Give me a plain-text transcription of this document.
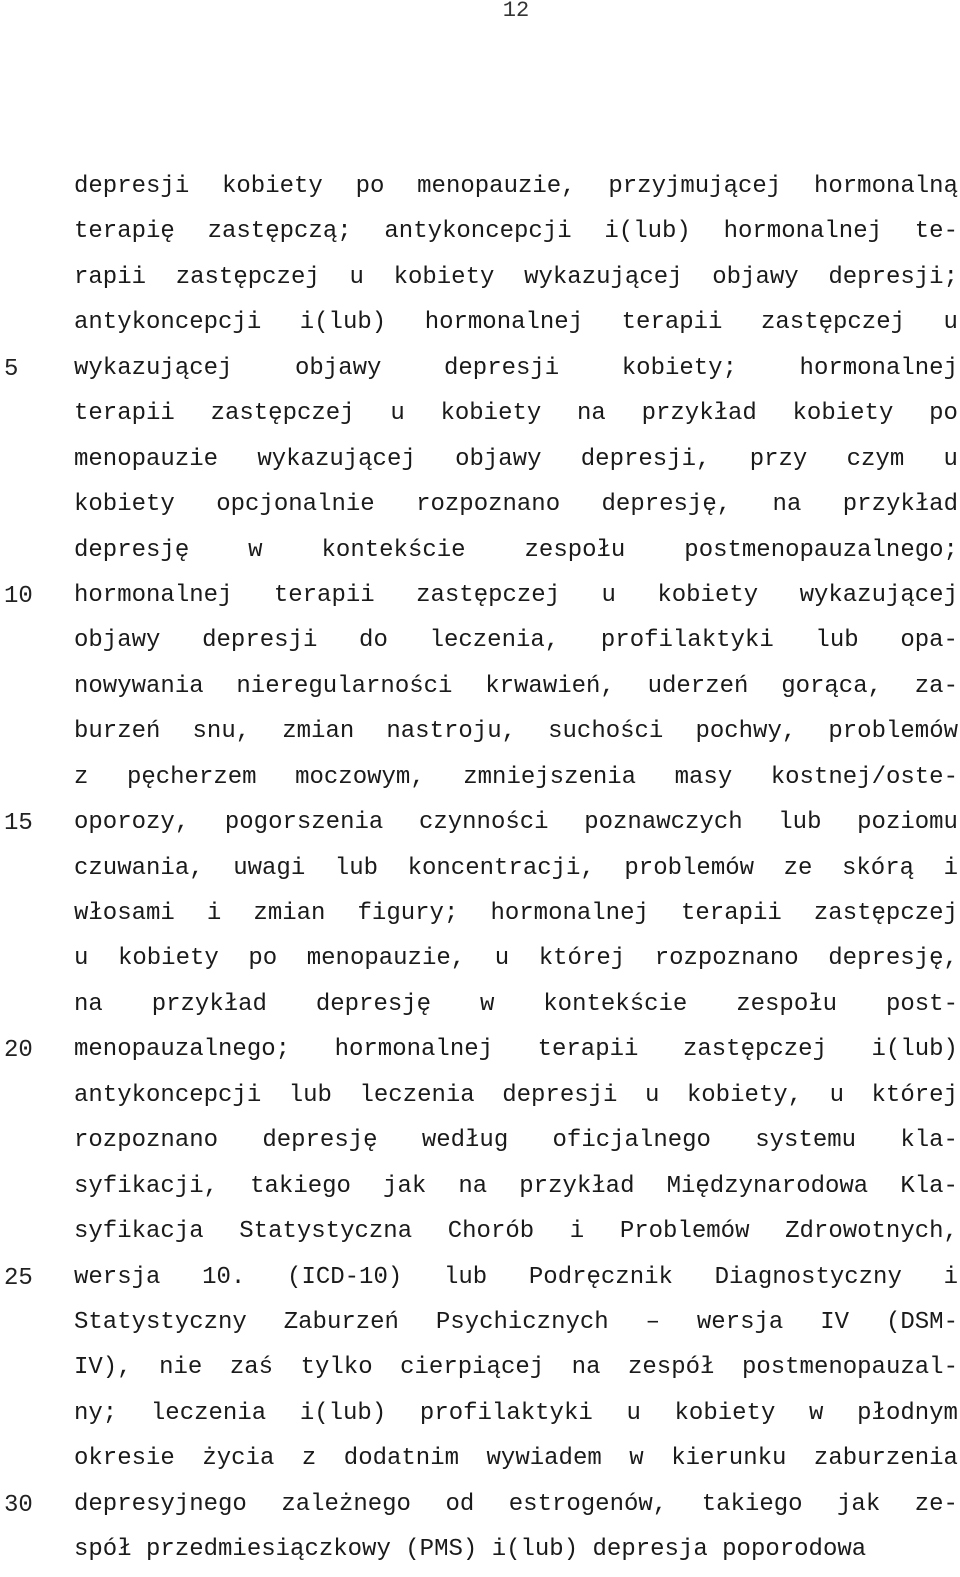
12
5
10
15
20
25
30
depresji kobiety po menopauzie, przyjmującej hormonalną
terapię zastępczą; antykoncepcji i(lub) hormonalnej te-
rapii zastępczej u kobiety wykazującej objawy depresji;
antykoncepcji i(lub) hormonalnej terapii zastępczej u
wykazującej	objawy	depresji	kobiety;	hormonalnej
terapii zastępczej u kobiety na przykład kobiety po
menopauzie wykazującej objawy depresji, przy czym u
kobiety opcjonalnie rozpoznano depresję, na przykład
depresję w kontekście zespołu postmenopauzalnego;
hormonalnej terapii zastępczej u kobiety wykazującej
objawy depresji do leczenia, profilaktyki lub opa-
nowywania nieregularności krwawień, uderzeń gorąca, za-
burzeń snu, zmian nastroju, suchości pochwy, problemów
z pęcherzem moczowym, zmniejszenia masy kostnej/oste-
oporozy, pogorszenia czynności poznawczych lub poziomu
czuwania, uwagi lub koncentracji, problemów ze skórą i
włosami i zmian figury; hormonalnej terapii zastępczej
u kobiety po menopauzie, u której rozpoznano depresję,
na przykład depresję w kontekście zespołu post-
menopauzalnego; hormonalnej terapii zastępczej i(lub)
antykoncepcji lub leczenia depresji u kobiety, u której
rozpoznano depresję według oficjalnego systemu kla-
syfikacji, takiego jak na przykład Międzynarodowa Kla-
syfikacja Statystyczna Chorób i Problemów Zdrowotnych,
wersja 10. (ICD-10) lub Podręcznik Diagnostyczny i
Statystyczny Zaburzeń Psychicznych – wersja IV (DSM-
IV), nie zaś tylko cierpiącej na zespół postmenopauzal-
ny; leczenia i(lub) profilaktyki u kobiety w płodnym
okresie życia z dodatnim wywiadem w kierunku zaburzenia
depresyjnego zależnego od estrogenów, takiego jak ze-
spół przedmiesiączkowy (PMS) i(lub) depresja poporodowa
